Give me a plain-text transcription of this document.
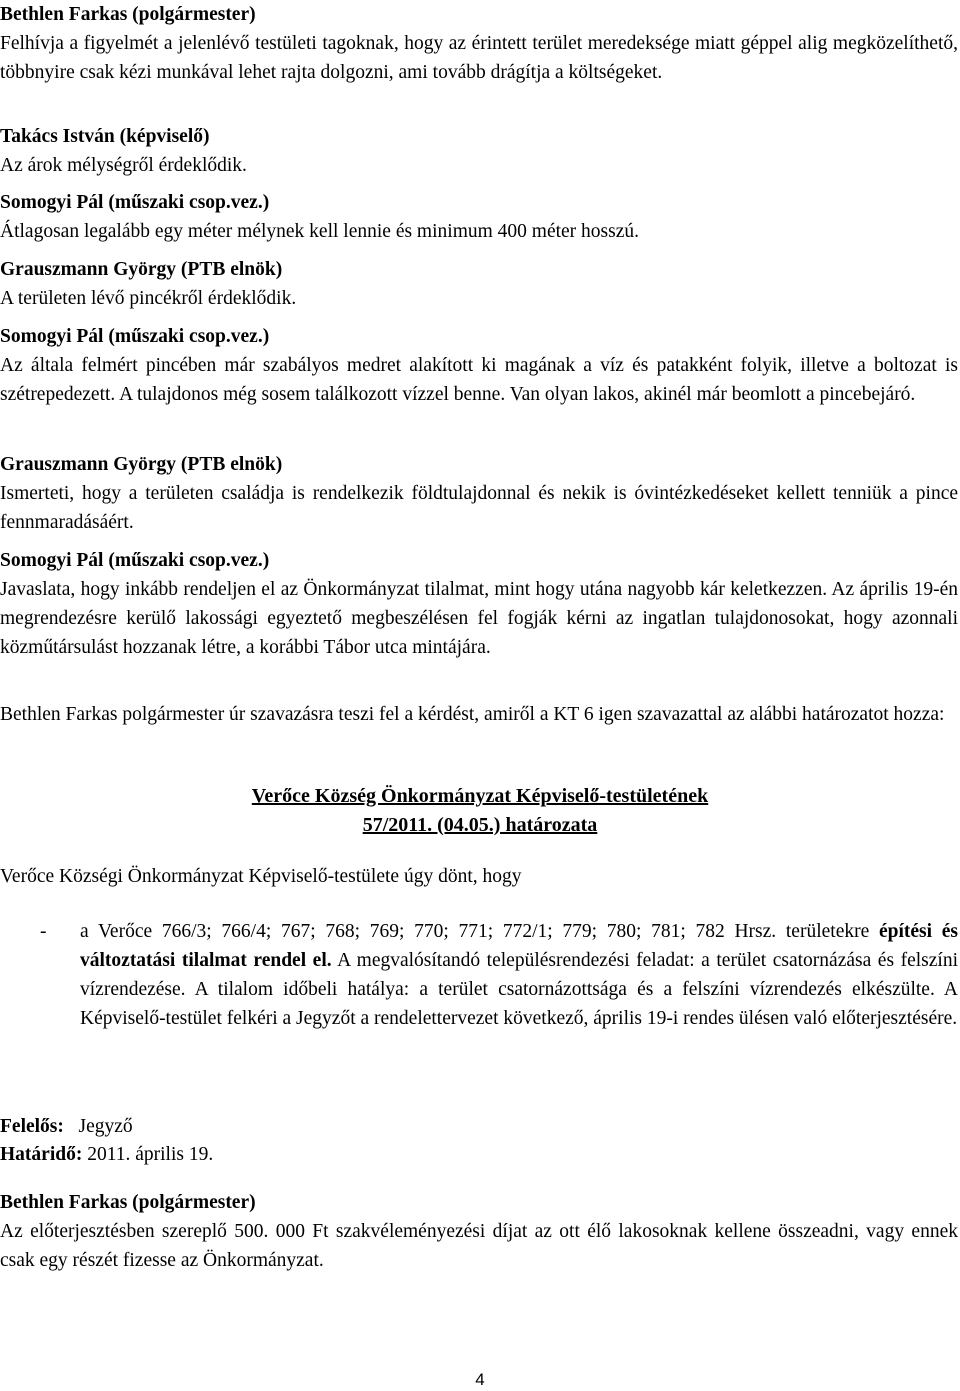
Bethlen Farkas (polgármester)
Felhívja a figyelmét a jelenlévő testületi tagoknak, hogy az érintett terület meredeksége miatt géppel alig megközelíthető, többnyire csak kézi munkával lehet rajta dolgozni, ami tovább drágítja a költségeket.

Takács István (képviselő)
Az árok mélységről érdeklődik.

Somogyi Pál (műszaki csop.vez.)
Átlagosan legalább egy méter mélynek kell lennie és minimum 400 méter hosszú.

Grauszmann György (PTB elnök)
A területen lévő pincékről érdeklődik.

Somogyi Pál (műszaki csop.vez.)
Az általa felmért pincében már szabályos medret alakított ki magának a víz és patakként folyik, illetve a boltozat is szétrepedezett. A tulajdonos még sosem találkozott vízzel benne. Van olyan lakos, akinél már beomlott a pincebejáró.

Grauszmann György (PTB elnök)
Ismerteti, hogy a területen családja is rendelkezik földtulajdonnal és nekik is óvintézkedéseket kellett tenniük a pince fennmaradásáért.

Somogyi Pál (műszaki csop.vez.)
Javaslata, hogy inkább rendeljen el az Önkormányzat tilalmat, mint hogy utána nagyobb kár keletkezzen. Az április 19-én megrendezésre kerülő lakossági egyeztető megbeszélésen fel fogják kérni az ingatlan tulajdonosokat, hogy azonnali közműtársulást hozzanak létre, a korábbi Tábor utca mintájára.

Bethlen Farkas polgármester úr szavazásra teszi fel a kérdést, amiről a KT 6 igen szavazattal az alábbi határozatot hozza:

Verőce Község Önkormányzat Képviselő-testületének
57/2011. (04.05.) határozata

Verőce Községi Önkormányzat Képviselő-testülete úgy dönt, hogy

- a Verőce 766/3; 766/4; 767; 768; 769; 770; 771; 772/1; 779; 780; 781; 782 Hrsz. területekre építési és változtatási tilalmat rendel el. A megvalósítandó településrendezési feladat: a terület csatornázása és felszíni vízrendezése. A tilalom időbeli hatálya: a terület csatornázottsága és a felszíni vízrendezés elkészülte. A Képviselő-testület felkéri a Jegyzőt a rendelettervezet következő, április 19-i rendes ülésen való előterjesztésére.
Felelős: Jegyző
Határidő: 2011. április 19.

Bethlen Farkas (polgármester)
Az előterjesztésben szereplő 500. 000 Ft szakvéleményezési díjat az ott élő lakosoknak kellene összeadni, vagy ennek csak egy részét fizesse az Önkormányzat.

4
